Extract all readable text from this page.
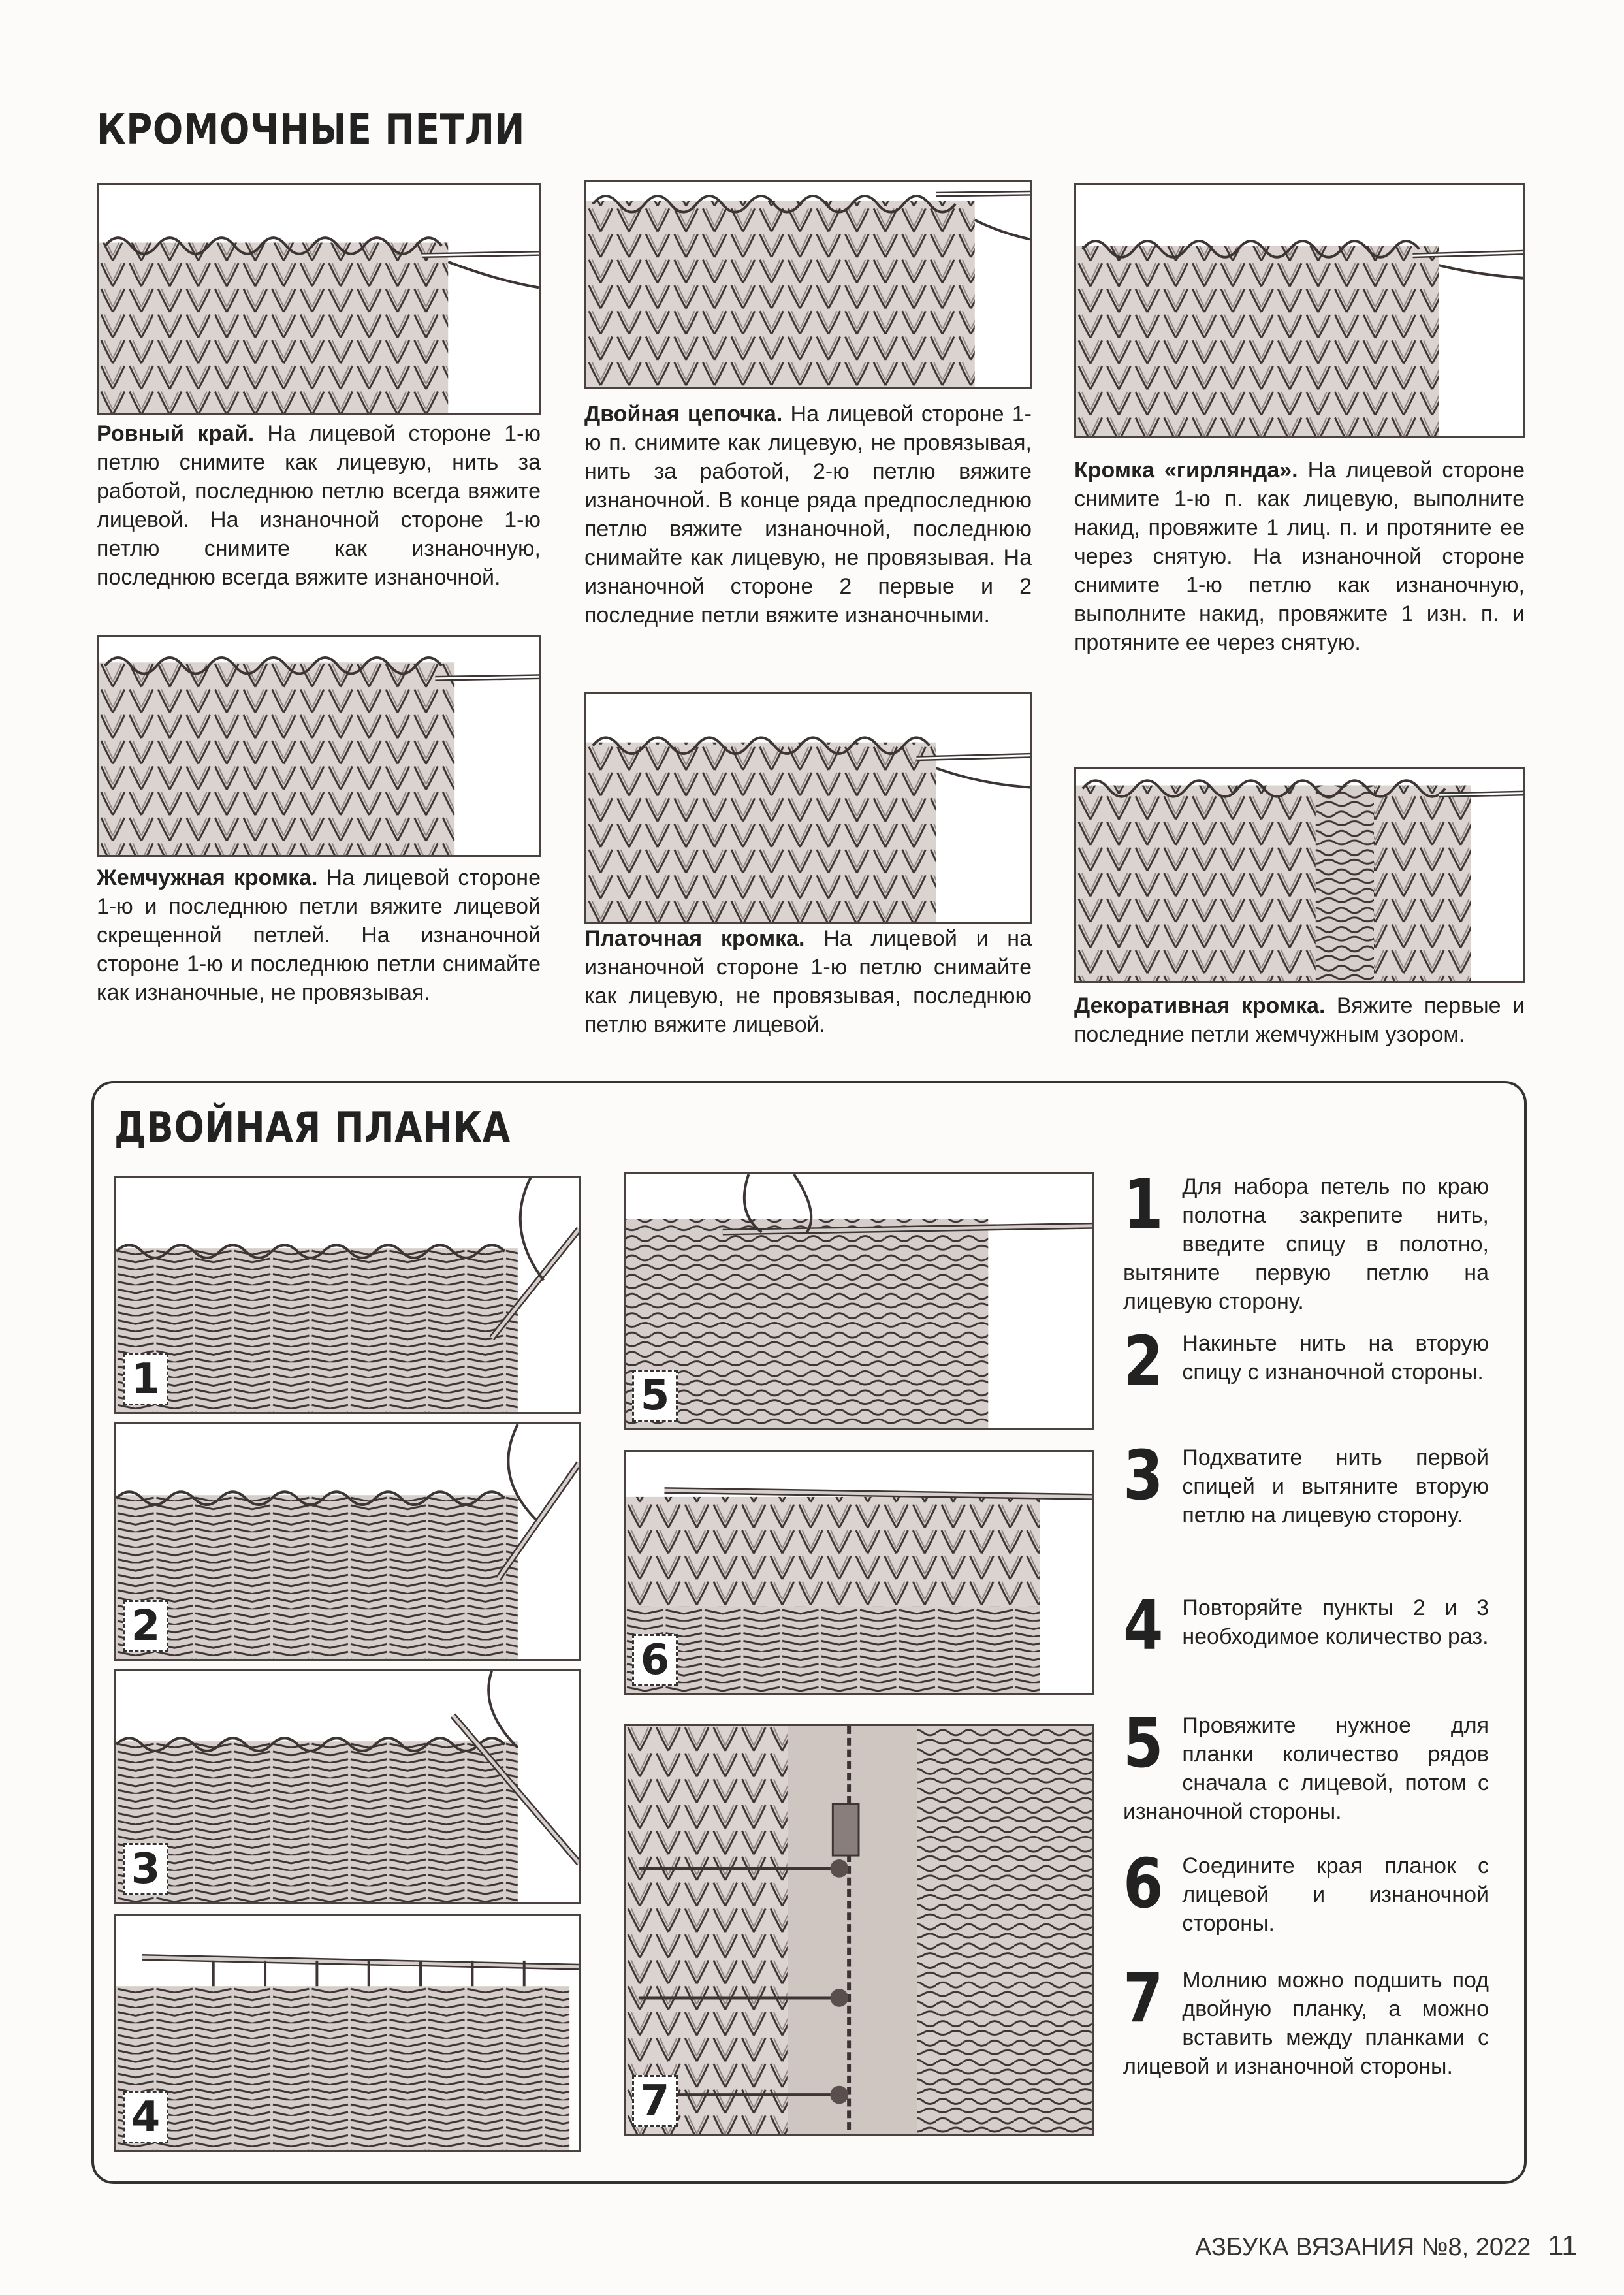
КРОМОЧНЫЕ ПЕТЛИ
Ровный край. На лицевой стороне 1-ю петлю снимите как лицевую, нить за работой, последнюю петлю всегда вяжите лицевой. На изнаночной стороне 1-ю петлю снимите как изнаночную, последнюю всегда вяжите изнаночной.
Жемчужная кромка. На лицевой стороне 1-ю и последнюю петли вяжите лицевой скрещенной петлей. На изнаночной стороне 1-ю и последнюю петли снимайте как изнаночные, не провязывая.
Двойная цепочка. На лицевой стороне 1-ю п. снимите как лицевую, не провязывая, нить за работой, 2-ю петлю вяжите изнаночной. В конце ряда предпоследнюю петлю вяжите изнаночной, последнюю снимайте как лицевую, не провязывая. На изнаночной стороне 2 первые и 2 последние петли вяжите изнаночными.
Платочная кромка. На лицевой и на изнаночной стороне 1-ю петлю снимайте как лицевую, не провязывая, последнюю петлю вяжите лицевой.
Кромка «гирлянда». На лицевой стороне снимите 1-ю п. как лицевую, выполните накид, провяжите 1 лиц. п. и протяните ее через снятую. На изнаночной стороне снимите 1-ю петлю как изнаночную, выполните накид, провяжите 1 изн. п. и протяните ее через снятую.
Декоративная кромка. Вяжите первые и последние петли жемчужным узором.
ДВОЙНАЯ ПЛАНКА
1
2
3
4
5
6
7
1 Для набора петель по краю полотна закрепите нить, введите спицу в полотно, вытяните первую петлю на лицевую сторону.
2 Накиньте нить на вторую спицу с изнаночной стороны.
3 Подхватите нить первой спицей и вытяните вторую петлю на лицевую сторону.
4 Повторяйте пункты 2 и 3 необходимое количество раз.
5 Провяжите нужное для планки количество рядов сначала с лицевой, потом с изнаночной стороны.
6 Соедините края планок с лицевой и изнаночной стороны.
7 Молнию можно подшить под двойную планку, а можно вставить между планками с лицевой и изнаночной стороны.
АЗБУКА ВЯЗАНИЯ №8, 2022 11
